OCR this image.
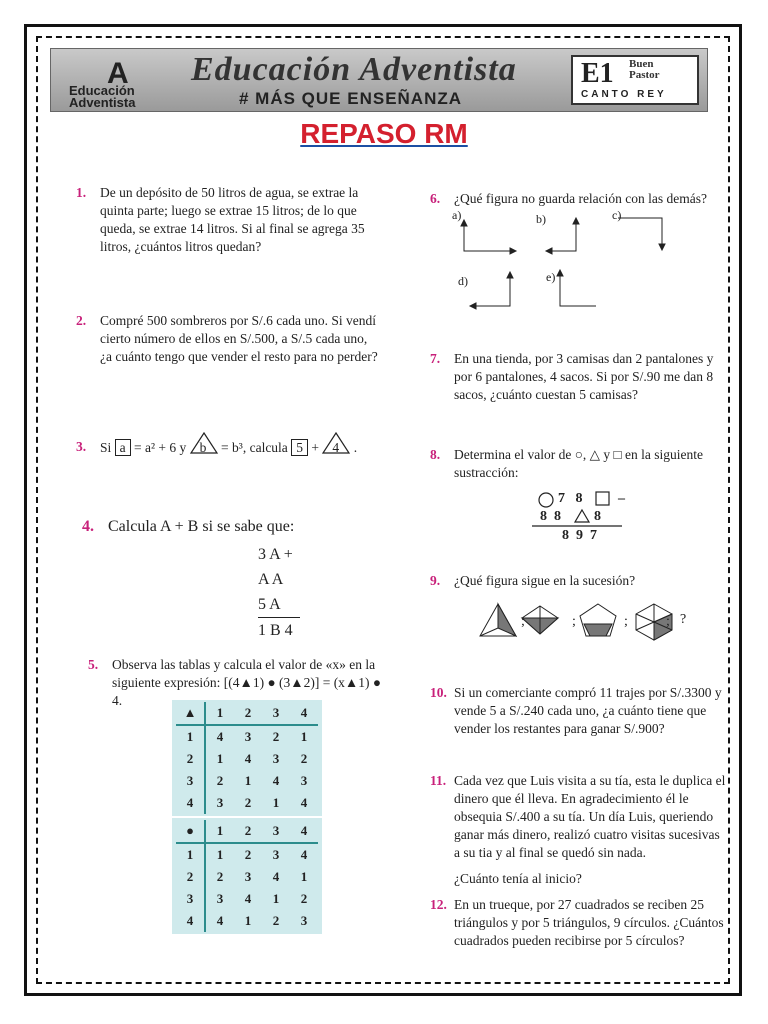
A
Educación
Adventista
Educación Adventista
# MÁS QUE ENSEÑANZA
E1 Buen
Pastor
CANTO REY
REPASO RM
1. De un depósito de 50 litros de agua, se extrae la quinta parte; luego se extrae 15 litros; de lo que queda, se extrae 14 litros. Si al final se agrega 35 litros, ¿cuántos litros quedan?
2. Compré 500 sombreros por S/.6 cada uno. Si vendí cierto número de ellos en S/.500, a S/.5 cada uno, ¿a cuánto tengo que vender el resto para no perder?
3. Si a = a² + 6 y b = b³, calcula 5 + 4 .
4. Calcula A + B si se sabe que:
3 A +
A A
5 A
1 B 4
5. Observa las tablas y calcula el valor de «x» en la siguiente expresión: [(4▲1) ● (3▲2)] = (x▲1) ● 4.
▲	1	2	3	4
1	4	3	2	1
2	1	4	3	2
3	2	1	4	3
4	3	2	1	4
●	1	2	3	4
1	1	2	3	4
2	2	3	4	1
3	3	4	1	2
4	4	1	2	3
6. ¿Qué figura no guarda relación con las demás?
a)	b)	c)
d)	e)
7. En una tienda, por 3 camisas dan 2 pantalones y por 6 pantalones, 4 sacos. Si por S/.90 me dan 8 sacos, ¿cuánto cuestan 5 camisas?
8. Determina el valor de ○, △ y □ en la siguiente sustracción:
7   8	–
8  8 8
8  9  7
9. ¿Qué figura sigue en la sucesión?
;	;	;	; ?
10. Si un comerciante compró 11 trajes por S/.3300 y vende 5 a S/.240 cada uno, ¿a cuánto tiene que vender los restantes para ganar S/.900?
11. Cada vez que Luis visita a su tía, esta le duplica el dinero que él lleva. En agradecimiento él le obsequia S/.400 a su tía. Un día Luis, queriendo ganar más dinero, realizó cuatro visitas sucesivas a su tia y al final se quedó sin nada.
¿Cuánto tenía al inicio?
12. En un trueque, por 27 cuadrados se reciben 25 triángulos y por 5 triángulos, 9 círculos. ¿Cuántos cuadrados pueden recibirse por 5 círculos?
